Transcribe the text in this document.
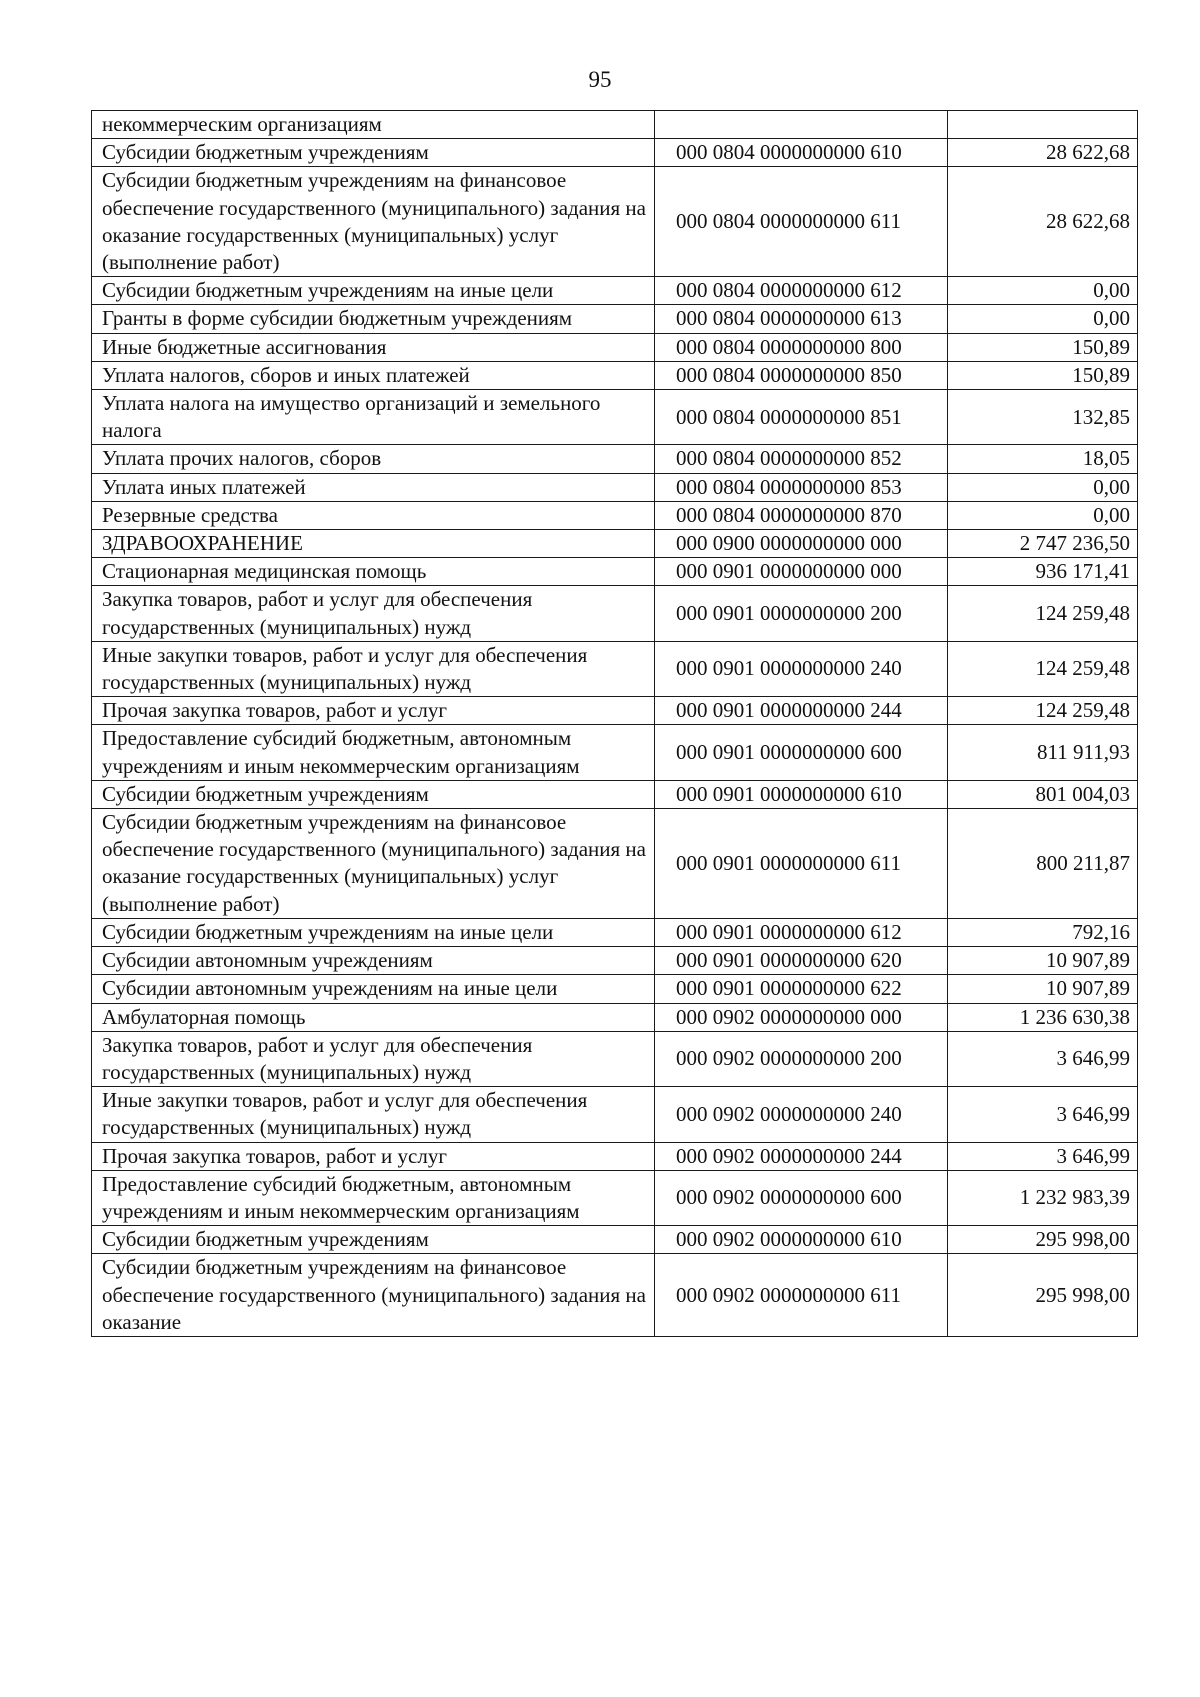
95
некоммерческим организациям		
Субсидии бюджетным учреждениям	000 0804 0000000000 610	28 622,68
Субсидии бюджетным учреждениям на финансовое обеспечение государственного (муниципального) задания на оказание государственных (муниципальных) услуг (выполнение работ)	000 0804 0000000000 611	28 622,68
Субсидии бюджетным учреждениям на иные цели	000 0804 0000000000 612	0,00
Гранты в форме субсидии бюджетным учреждениям	000 0804 0000000000 613	0,00
Иные бюджетные ассигнования	000 0804 0000000000 800	150,89
Уплата налогов, сборов и иных платежей	000 0804 0000000000 850	150,89
Уплата налога на имущество организаций и земельного налога	000 0804 0000000000 851	132,85
Уплата прочих налогов, сборов	000 0804 0000000000 852	18,05
Уплата иных платежей	000 0804 0000000000 853	0,00
Резервные средства	000 0804 0000000000 870	0,00
ЗДРАВООХРАНЕНИЕ	000 0900 0000000000 000	2 747 236,50
Стационарная медицинская помощь	000 0901 0000000000 000	936 171,41
Закупка товаров, работ и услуг для обеспечения государственных (муниципальных) нужд	000 0901 0000000000 200	124 259,48
Иные закупки товаров, работ и услуг для обеспечения государственных (муниципальных) нужд	000 0901 0000000000 240	124 259,48
Прочая закупка товаров, работ и услуг	000 0901 0000000000 244	124 259,48
Предоставление субсидий бюджетным, автономным учреждениям и иным некоммерческим организациям	000 0901 0000000000 600	811 911,93
Субсидии бюджетным учреждениям	000 0901 0000000000 610	801 004,03
Субсидии бюджетным учреждениям на финансовое обеспечение государственного (муниципального) задания на оказание государственных (муниципальных) услуг (выполнение работ)	000 0901 0000000000 611	800 211,87
Субсидии бюджетным учреждениям на иные цели	000 0901 0000000000 612	792,16
Субсидии автономным учреждениям	000 0901 0000000000 620	10 907,89
Субсидии автономным учреждениям на иные цели	000 0901 0000000000 622	10 907,89
Амбулаторная помощь	000 0902 0000000000 000	1 236 630,38
Закупка товаров, работ и услуг для обеспечения государственных (муниципальных) нужд	000 0902 0000000000 200	3 646,99
Иные закупки товаров, работ и услуг для обеспечения государственных (муниципальных) нужд	000 0902 0000000000 240	3 646,99
Прочая закупка товаров, работ и услуг	000 0902 0000000000 244	3 646,99
Предоставление субсидий бюджетным, автономным учреждениям и иным некоммерческим организациям	000 0902 0000000000 600	1 232 983,39
Субсидии бюджетным учреждениям	000 0902 0000000000 610	295 998,00
Субсидии бюджетным учреждениям на финансовое обеспечение государственного (муниципального) задания на оказание	000 0902 0000000000 611	295 998,00
